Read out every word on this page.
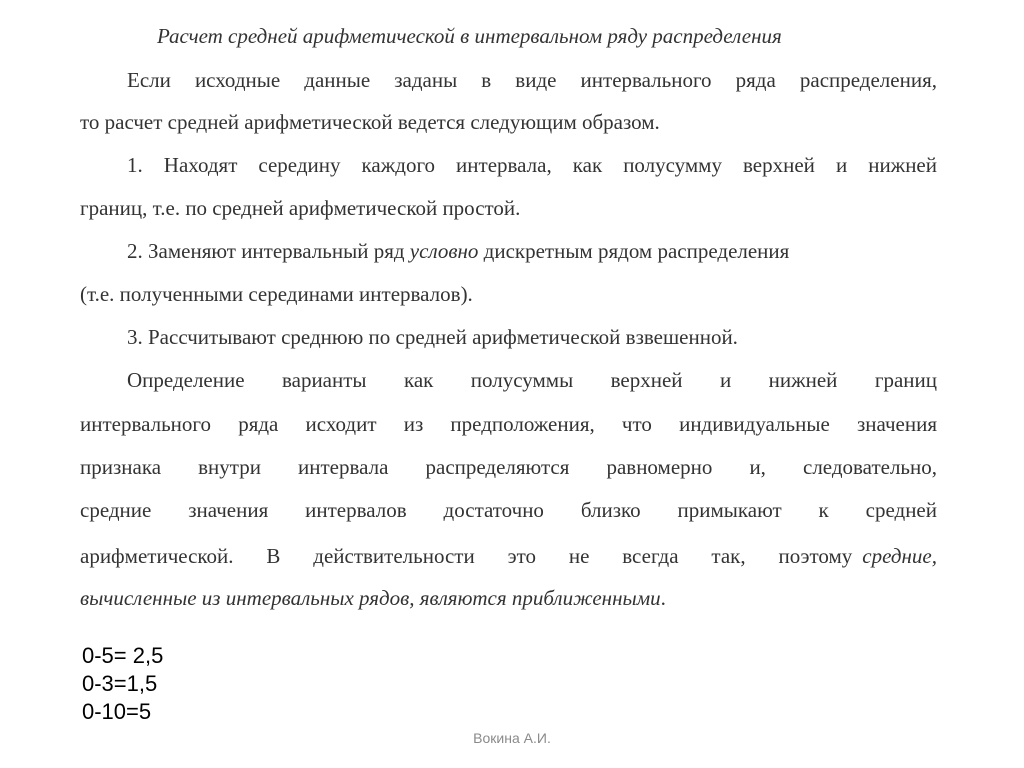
Расчет средней арифметической в интервальном ряду распределения
Если исходные данные заданы в виде интервального ряда распределения,
то расчет средней арифметической ведется следующим образом.
1. Находят середину каждого интервала, как полусумму верхней и нижней
границ, т.е. по средней арифметической простой.
2. Заменяют интервальный ряд условно дискретным рядом распределения
(т.е. полученными серединами интервалов).
3. Рассчитывают среднюю по средней арифметической взвешенной.
Определение варианты как полусуммы верхней и нижней границ
интервального ряда исходит из предположения, что индивидуальные значения
признака внутри интервала распределяются равномерно и, следовательно,
средние значения интервалов достаточно близко примыкают к средней
арифметической. В действительности это не всегда так, поэтому средние,
вычисленные из интервальных рядов, являются приближенными.
0-5= 2,5
0-3=1,5
0-10=5
Вокина А.И.
